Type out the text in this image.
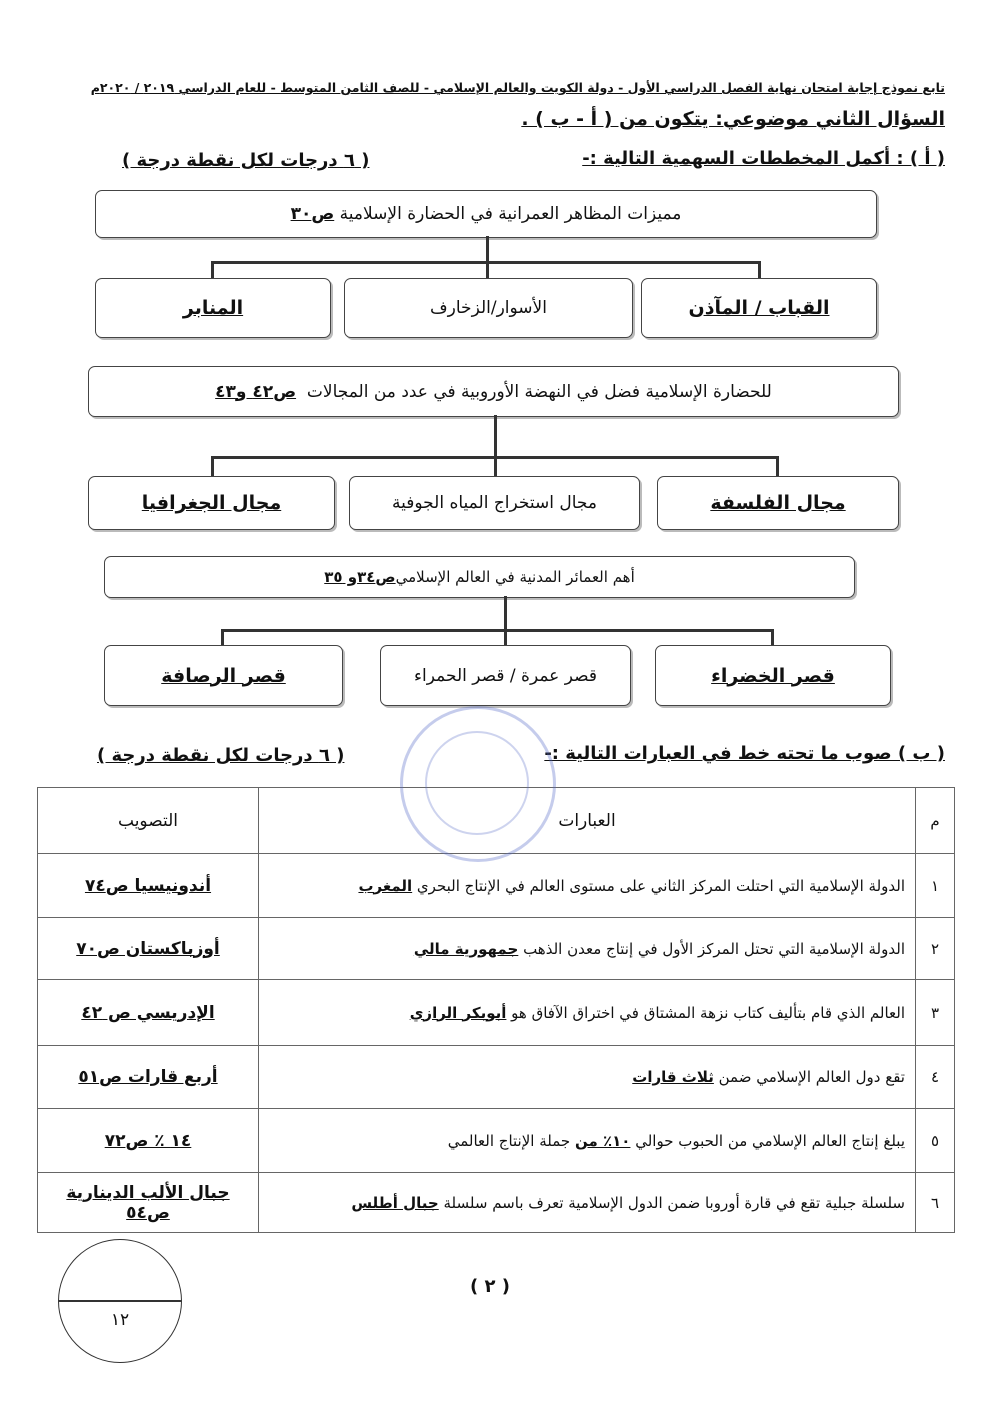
تابع نموذج إجابة امتحان نهاية الفصل الدراسي الأول - دولة الكويت والعالم الإسلامي - للصف الثامن المتوسط - للعام الدراسي ٢٠١٩ / ٢٠٢٠م
السؤال الثاني موضوعي: يتكون من ( أ - ب ) .
( أ ) : أكمل المخططات السهمية التالية :-
( ٦ درجات لكل نقطة درجة )
مميزات المظاهر العمرانية في الحضارة الإسلامية

ص٣٠
المنابر	الأسوار/الزخارف	القباب / المآذن
للحضارة الإسلامية فضل في النهضة الأوروبية في عدد من المجالات

ص٤٢ و٤٣
مجال الجغرافيا	مجال استخراج المياه الجوفية	مجال الفلسفة
أهم العمائر المدنية في العالم الإسلامي
ص٣٤و ٣٥
قصر الرصافة	قصر عمرة / قصر الحمراء	قصر الخضراء
( ب ) صوب ما تحته خط في العبارات التالية :-
( ٦ درجات لكل نقطة درجة )
م	العبارات	التصويب
١	الدولة الإسلامية التي احتلت المركز الثاني على مستوى العالم في الإنتاج البحري المغرب	أندونيسيا ص٧٤
٢	الدولة الإسلامية التي تحتل المركز الأول في إنتاج معدن الذهب جمهورية مالي	أوزباكستان ص٧٠
٣	العالم الذي قام بتأليف كتاب نزهة المشتاق في اختراق الآفاق هو أبوبكر الرازي	الإدريسي ص ٤٢
٤	تقع دول العالم الإسلامي ضمن ثلاث قارات	أربع قارات ص٥١
٥	يبلغ إنتاج العالم الإسلامي من الحبوب حوالي ١٠٪ من جملة الإنتاج العالمي	١٤ ٪ ص٧٢
٦	سلسلة جبلية تقع في قارة أوروبا ضمن الدول الإسلامية تعرف باسم سلسلة جبال أطلس	جبال الألب الدينارية ص٥٤
( ٢ )
١٢
